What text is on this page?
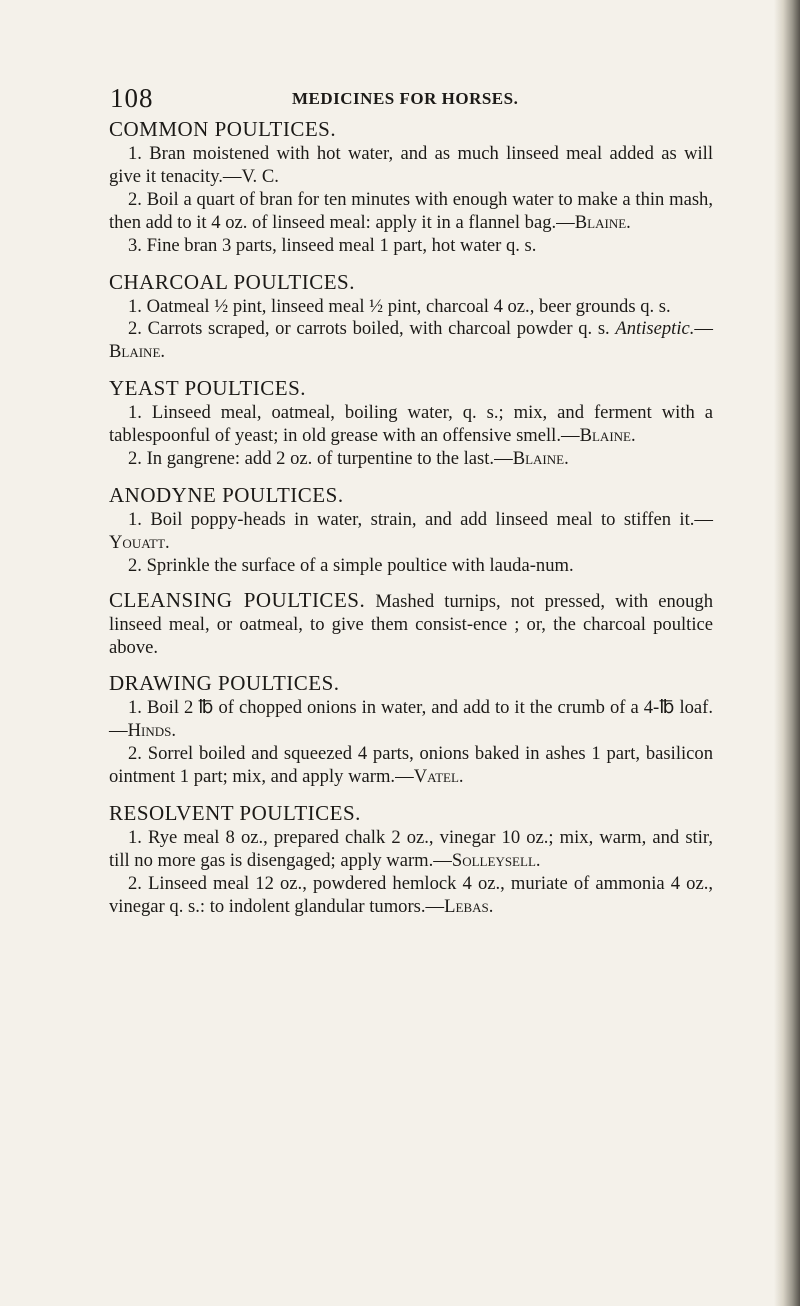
108	MEDICINES FOR HORSES.
COMMON POULTICES.

1. Bran moistened with hot water, and as much linseed meal added as will give it tenacity.—V. C.

2. Boil a quart of bran for ten minutes with enough water to make a thin mash, then add to it 4 oz. of linseed meal: apply it in a flannel bag.—Blaine.

3. Fine bran 3 parts, linseed meal 1 part, hot water q. s.

CHARCOAL POULTICES.

1. Oatmeal ½ pint, linseed meal ½ pint, charcoal 4 oz., beer grounds q. s.

2. Carrots scraped, or carrots boiled, with charcoal powder q. s. Antiseptic.—Blaine.

YEAST POULTICES.

1. Linseed meal, oatmeal, boiling water, q. s.; mix, and ferment with a tablespoonful of yeast; in old grease with an offensive smell.—Blaine.

2. In gangrene: add 2 oz. of turpentine to the last.—Blaine.

ANODYNE POULTICES.

1. Boil poppy-heads in water, strain, and add linseed meal to stiffen it.—Youatt.

2. Sprinkle the surface of a simple poultice with lauda-num.

CLEANSING POULTICES. Mashed turnips, not pressed, with enough linseed meal, or oatmeal, to give them consist-ence ; or, the charcoal poultice above.

DRAWING POULTICES.

1. Boil 2 ℔ of chopped onions in water, and add to it the crumb of a 4-℔ loaf.—Hinds.

2. Sorrel boiled and squeezed 4 parts, onions baked in ashes 1 part, basilicon ointment 1 part; mix, and apply warm.—Vatel.

RESOLVENT POULTICES.

1. Rye meal 8 oz., prepared chalk 2 oz., vinegar 10 oz.; mix, warm, and stir, till no more gas is disengaged; apply warm.—Solleysell.

2. Linseed meal 12 oz., powdered hemlock 4 oz., muriate of ammonia 4 oz., vinegar q. s.: to indolent glandular tumors.—Lebas.
